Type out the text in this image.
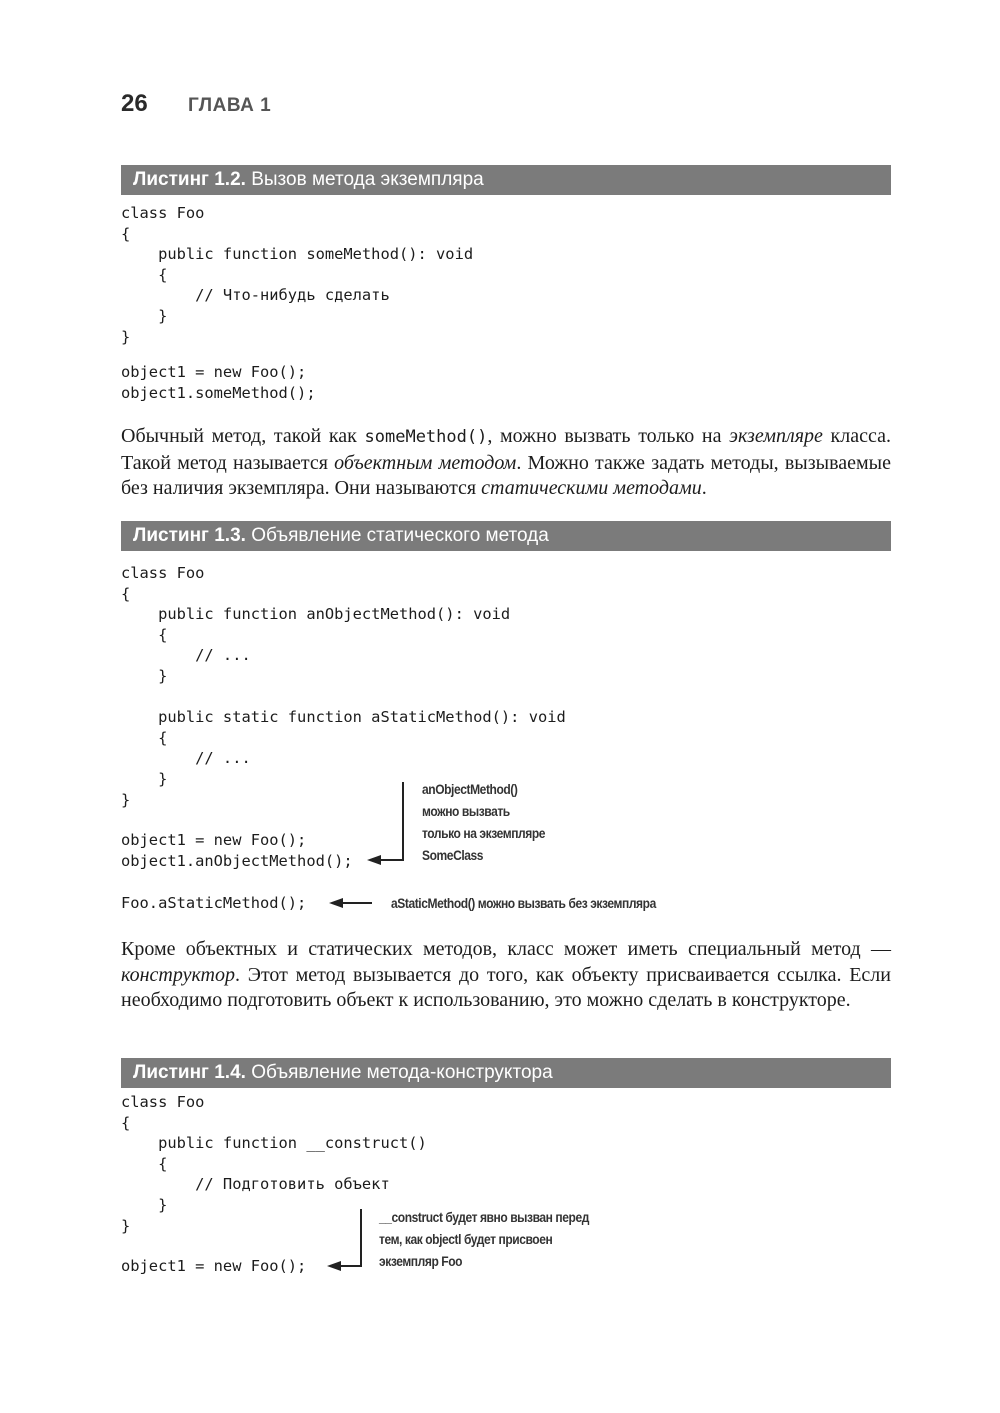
26 ГЛАВА 1
Листинг 1.2. Вызов метода экземпляра
class Foo
{
public function someMethod(): void
{
// Что-нибудь сделать
}
}
object1 = new Foo();
object1.someMethod();

Обычный метод, такой как someMethod(), можно вызвать только на экземпляре класса. Такой метод называется объектным методом. Можно также задать методы, вызываемые без наличия экземпляра. Они называются статическими методами.

Листинг 1.3. Объявление статического метода
class Foo
{
public function anObjectMethod(): void
{
// ...
}

public static function aStaticMethod(): void
{
// ...
}
}
object1 = new Foo();
object1.anObjectMethod();
Foo.aStaticMethod();
anObjectMethod()
можно вызвать
только на экземпляре
SomeClass
aStaticMethod() можно вызвать без экземпляра

Кроме объектных и статических методов, класс может иметь специальный метод — конструктор. Этот метод вызывается до того, как объекту присваивается ссылка. Если необходимо подготовить объект к использованию, это можно сделать в конструкторе.

Листинг 1.4. Объявление метода-конструктора
class Foo
{
public function __construct()
{
// Подготовить объект
}
}
object1 = new Foo();
__construct будет явно вызван перед
тем, как objectl будет присвоен
экземпляр Foo
